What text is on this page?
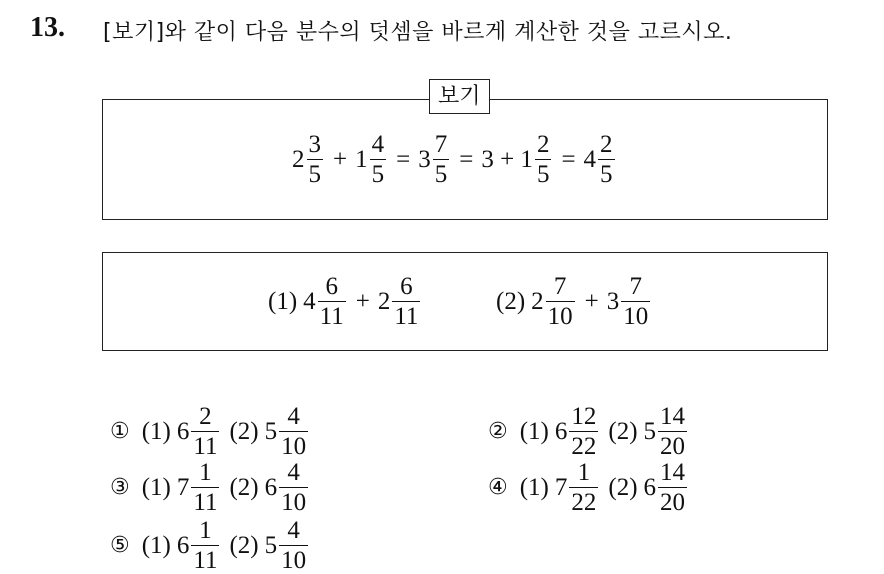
13. [보기]와 같이 다음 분수의 덧셈을 바르게 계산한 것을 고르시오.
보기
$2 \frac{3}{5} + 1 \frac{4}{5} = 3 \frac{7}{5} = 3 + 1 \frac{2}{5} = 4 \frac{2}{5}$
(1) $4 \frac{6}{11} + 2 \frac{6}{11}$	(2) $2 \frac{7}{10} + 3 \frac{7}{10}$
① (1) $6 \frac{2}{11} (2)$ $5 \frac{4}{10}$	② (1) $6 \frac{12}{22} (2)$ $5 \frac{14}{20}$
③ (1) $7 \frac{1}{11} (2)$ $6 \frac{4}{10}$	④ (1) $7 \frac{1}{22} (2)$ $6 \frac{14}{20}$
⑤ (1) $6 \frac{1}{11} (2)$ $5 \frac{4}{10}$
